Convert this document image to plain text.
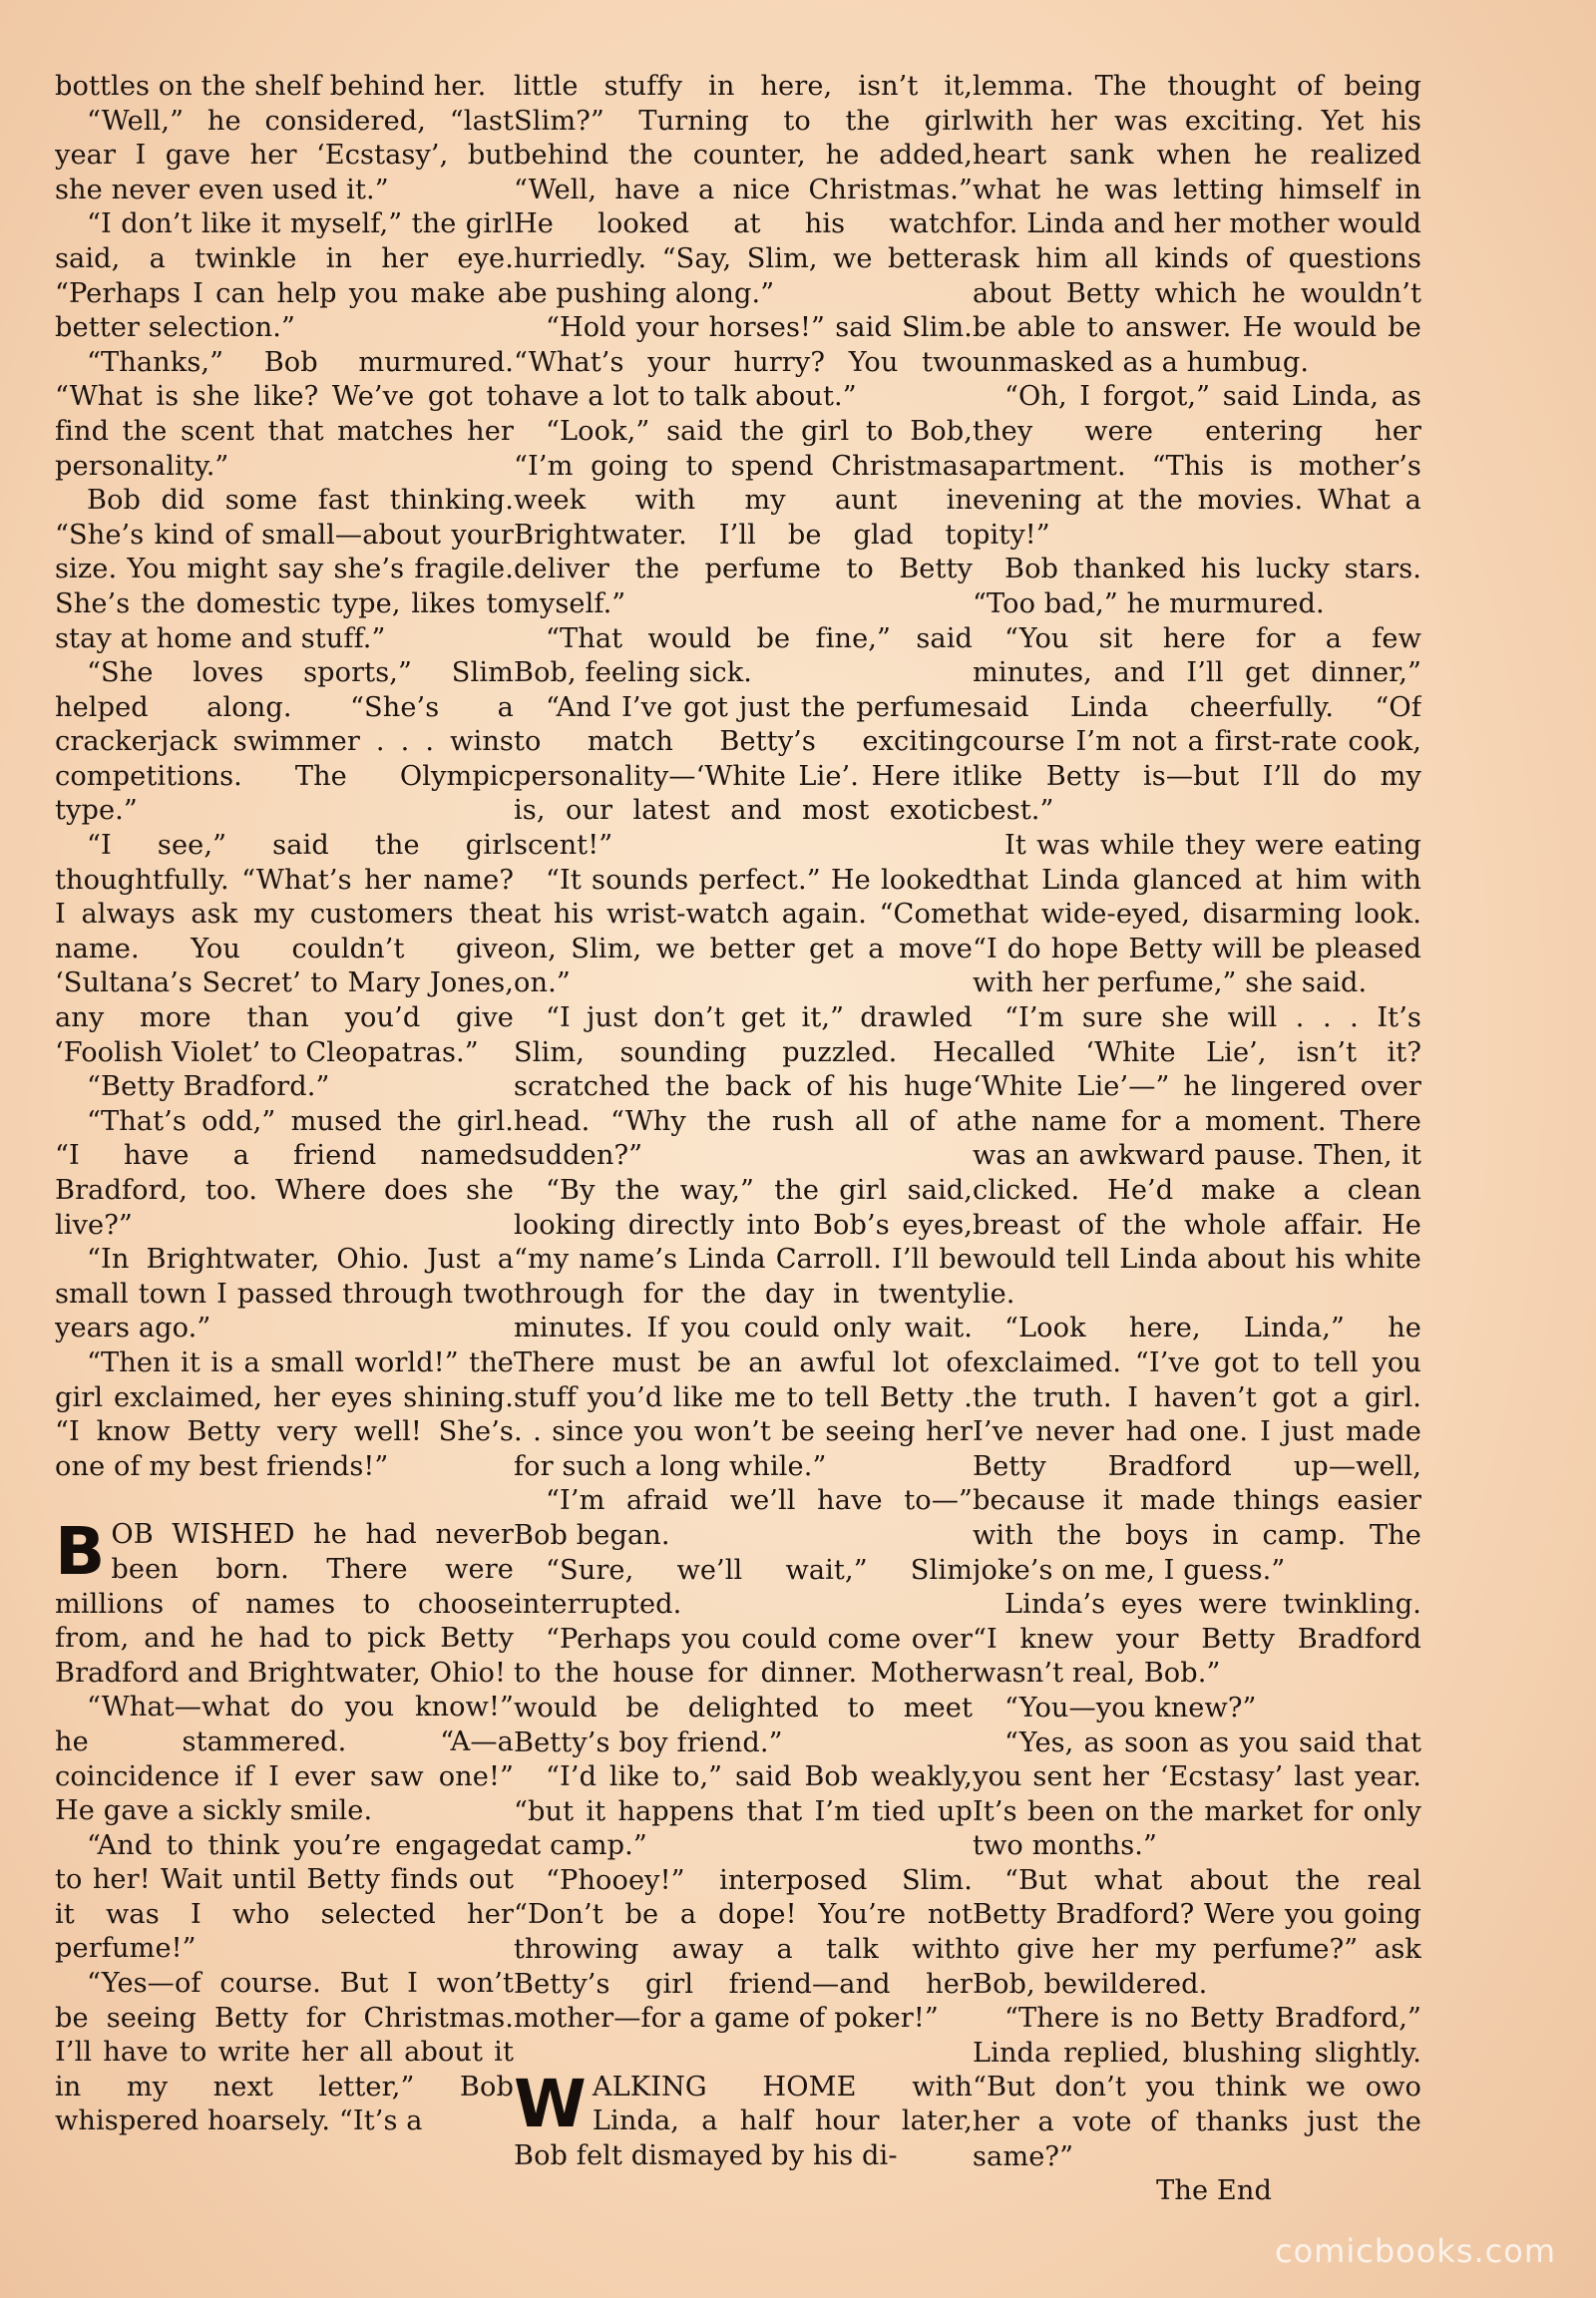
bottles on the shelf behind her.

“Well,” he considered, “last year I gave her ‘Ecstasy’, but she never even used it.”

“I don’t like it myself,” the girl said, a twinkle in her eye. “Perhaps I can help you make a better selection.”

“Thanks,” Bob murmured. “What is she like? We’ve got to find the scent that matches her personality.”

Bob did some fast thinking. “She’s kind of small—about your size. You might say she’s fragile. She’s the domestic type, likes to stay at home and stuff.”

“She loves sports,” Slim helped along. “She’s a crackerjack swimmer . . . wins competitions. The Olympic type.”

“I see,” said the girl thoughtfully. “What’s her name? I always ask my customers the name. You couldn’t give ‘Sultana’s Secret’ to Mary Jones, any more than you’d give ‘Foolish Violet’ to Cleopatras.”

“Betty Bradford.”

“That’s odd,” mused the girl. “I have a friend named Bradford, too. Where does she live?”

“In Brightwater, Ohio. Just a small town I passed through two years ago.”

“Then it is a small world!” the girl exclaimed, her eyes shining. “I know Betty very well! She’s one of my best friends!”

BOB WISHED he had never been born. There were millions of names to choose from, and he had to pick Betty Bradford and Brightwater, Ohio!

“What—what do you know!” he stammered. “A—a coincidence if I ever saw one!” He gave a sickly smile.

“And to think you’re engaged to her! Wait until Betty finds out it was I who selected her perfume!”

“Yes—of course. But I won’t be seeing Betty for Christmas. I’ll have to write her all about it in my next letter,” Bob whispered hoarsely. “It’s a

little stuffy in here, isn’t it, Slim?” Turning to the girl behind the counter, he added, “Well, have a nice Christmas.” He looked at his watch hurriedly. “Say, Slim, we better be pushing along.”

“Hold your horses!” said Slim. “What’s your hurry? You two have a lot to talk about.”

“Look,” said the girl to Bob, “I’m going to spend Christmas week with my aunt in Brightwater. I’ll be glad to deliver the perfume to Betty myself.”

“That would be fine,” said Bob, feeling sick.

“And I’ve got just the perfume to match Betty’s exciting personality—‘White Lie’. Here it is, our latest and most exotic scent!”

“It sounds perfect.” He looked at his wrist-watch again. “Come on, Slim, we better get a move on.”

“I just don’t get it,” drawled Slim, sounding puzzled. He scratched the back of his huge head. “Why the rush all of a sudden?”

“By the way,” the girl said, looking directly into Bob’s eyes, “my name’s Linda Carroll. I’ll be through for the day in twenty minutes. If you could only wait. There must be an awful lot of stuff you’d like me to tell Betty . . . since you won’t be seeing her for such a long while.”

“I’m afraid we’ll have to—” Bob began.

“Sure, we’ll wait,” Slim interrupted.

“Perhaps you could come over to the house for dinner. Mother would be delighted to meet Betty’s boy friend.”

“I’d like to,” said Bob weakly, “but it happens that I’m tied up at camp.”

“Phooey!” interposed Slim. “Don’t be a dope! You’re not throwing away a talk with Betty’s girl friend—and her mother—for a game of poker!”

WALKING HOME with Linda, a half hour later, Bob felt dismayed by his di-

lemma. The thought of being with her was exciting. Yet his heart sank when he realized what he was letting himself in for. Linda and her mother would ask him all kinds of questions about Betty which he wouldn’t be able to answer. He would be unmasked as a humbug.

“Oh, I forgot,” said Linda, as they were entering her apartment. “This is mother’s evening at the movies. What a pity!”

Bob thanked his lucky stars. “Too bad,” he murmured.

“You sit here for a few minutes, and I’ll get dinner,” said Linda cheerfully. “Of course I’m not a first-rate cook, like Betty is—but I’ll do my best.”

It was while they were eating that Linda glanced at him with that wide-eyed, disarming look. “I do hope Betty will be pleased with her perfume,” she said.

“I’m sure she will . . . It’s called ‘White Lie’, isn’t it? ‘White Lie’—” he lingered over the name for a moment. There was an awkward pause. Then, it clicked. He’d make a clean breast of the whole affair. He would tell Linda about his white lie.

“Look here, Linda,” he exclaimed. “I’ve got to tell you the truth. I haven’t got a girl. I’ve never had one. I just made Betty Bradford up—well, because it made things easier with the boys in camp. The joke’s on me, I guess.”

Linda’s eyes were twinkling. “I knew your Betty Bradford wasn’t real, Bob.”

“You—you knew?”

“Yes, as soon as you said that you sent her ‘Ecstasy’ last year. It’s been on the market for only two months.”

“But what about the real Betty Bradford? Were you going to give her my perfume?” ask Bob, bewildered.

“There is no Betty Bradford,” Linda replied, blushing slightly. “But don’t you think we owo her a vote of thanks just the same?”

The End

comicbooks.com
